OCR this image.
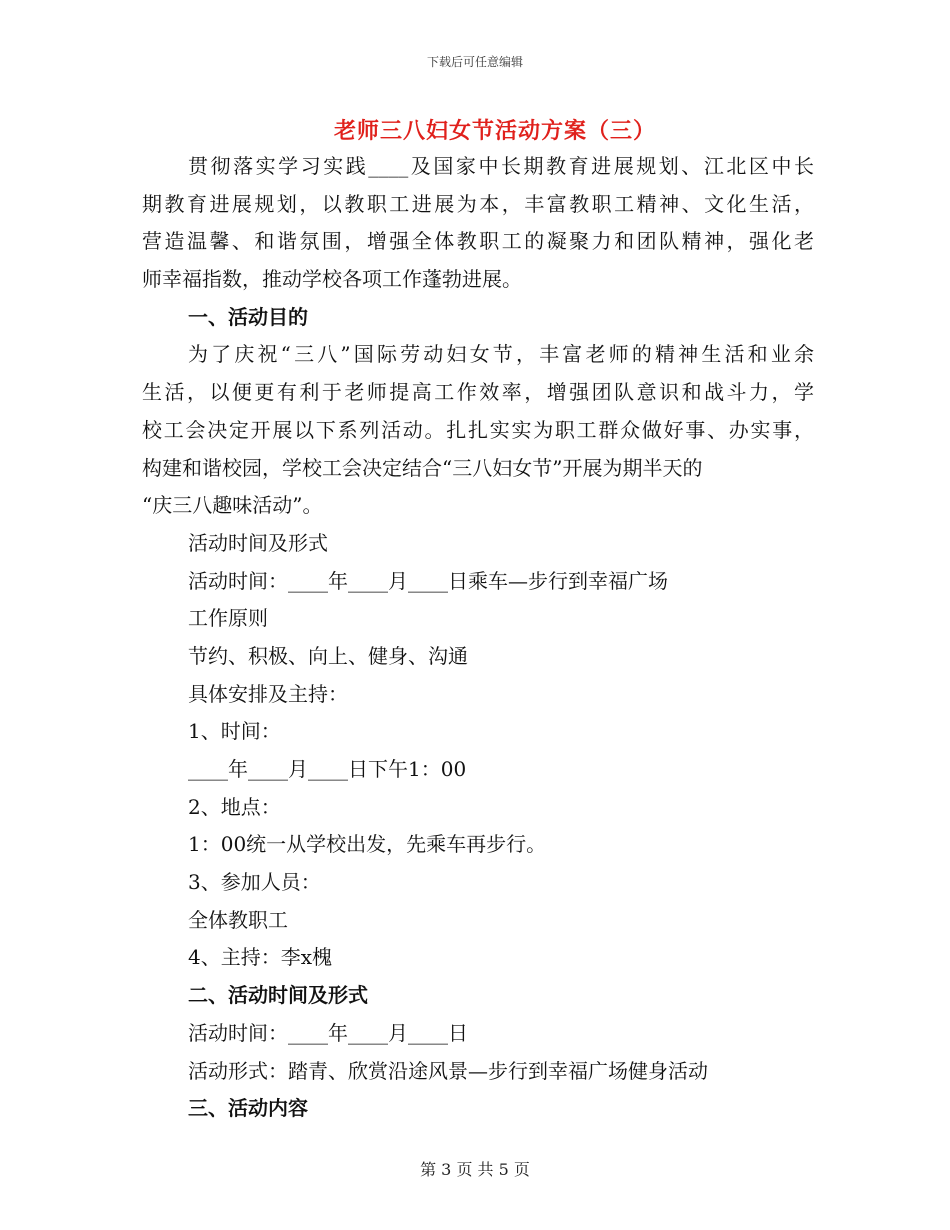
下载后可任意编辑
老师三八妇女节活动方案（三）
贯彻落实学习实践____及国家中长期教育进展规划、江北区中长
期教育进展规划，以教职工进展为本，丰富教职工精神、文化生活，
营造温馨、和谐氛围，增强全体教职工的凝聚力和团队精神，强化老
师幸福指数，推动学校各项工作蓬勃进展。
一、活动目的
为了庆祝“三八”国际劳动妇女节，丰富老师的精神生活和业余
生活，以便更有利于老师提高工作效率，增强团队意识和战斗力，学
校工会决定开展以下系列活动。扎扎实实为职工群众做好事、办实事，
构建和谐校园，学校工会决定结合“三八妇女节”开展为期半天的
“庆三八趣味活动”。
活动时间及形式
活动时间：____年____月____日乘车—步行到幸福广场
工作原则
节约、积极、向上、健身、沟通
具体安排及主持：
1、时间：
____年____月____日下午1：00
2、地点：
1：00统一从学校出发，先乘车再步行。
3、参加人员：
全体教职工
4、主持：李x槐
二、活动时间及形式
活动时间：____年____月____日
活动形式：踏青、欣赏沿途风景—步行到幸福广场健身活动
三、活动内容
第 3 页 共 5 页
